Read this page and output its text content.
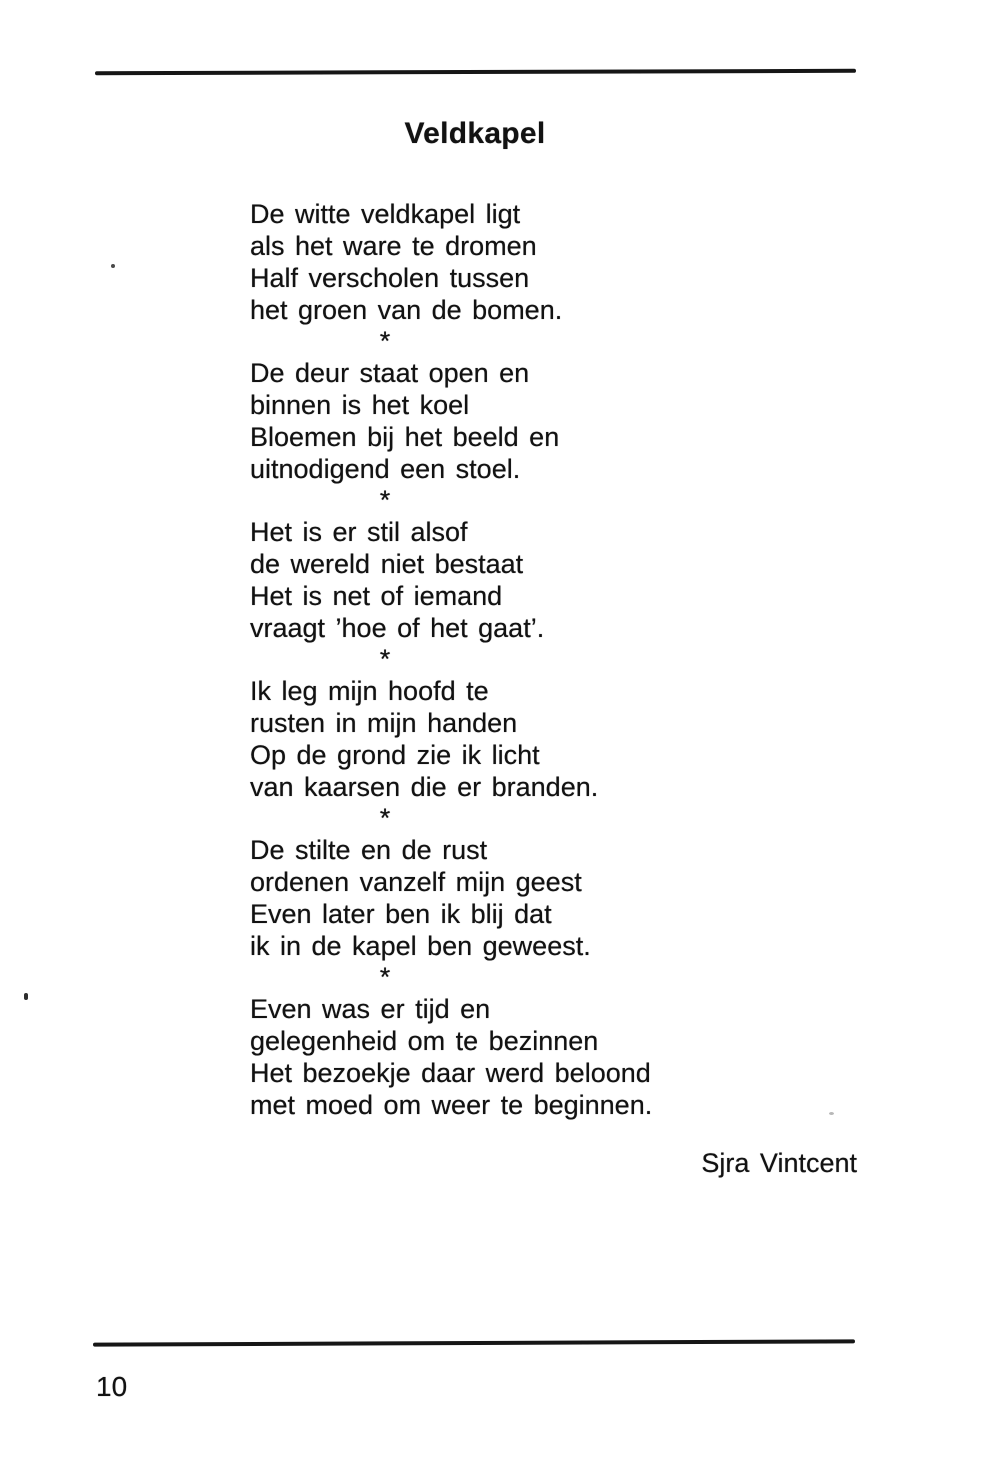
Veldkapel
De witte veldkapel ligt
als het ware te dromen
Half verscholen tussen
het groen van de bomen.
*
De deur staat open en
binnen is het koel
Bloemen bij het beeld en
uitnodigend een stoel.
*
Het is er stil alsof
de wereld niet bestaat
Het is net of iemand
vraagt ’hoe of het gaat’.
*
Ik leg mijn hoofd te
rusten in mijn handen
Op de grond zie ik licht
van kaarsen die er branden.
*
De stilte en de rust
ordenen vanzelf mijn geest
Even later ben ik blij dat
ik in de kapel ben geweest.
*
Even was er tijd en
gelegenheid om te bezinnen
Het bezoekje daar werd beloond
met moed om weer te beginnen.
Sjra Vintcent
10
